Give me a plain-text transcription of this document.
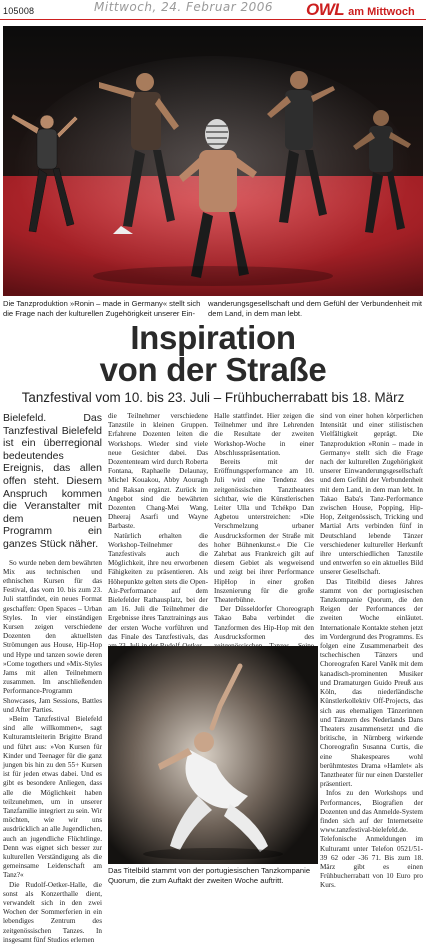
105008	Mittwoch, 24. Februar 2006 OWL am Mittwoch
Die Tanzproduktion »Ronin – made in Germany« stellt sich die Frage nach der kulturellen Zugehörigkeit unserer Ein-
wanderungsgesellschaft und dem Gefühl der Verbundenheit mit dem Land, in dem man lebt.
Inspiration
von der Straße
Tanzfestival vom 10. bis 23. Juli – Frühbucherrabatt bis 18. März

Bielefeld. Das Tanzfestival Bielefeld ist ein überregional bedeutendes Ereignis, das allen offen steht. Diesem Anspruch kommen die Veranstalter mit dem neuen Programm ein ganzes Stück näher.

So wurde neben dem bewährten Mix aus technischen und ethnischen Kursen für das Festival, das vom 10. bis zum 23. Juli stattfindet, ein neues Format geschaffen: Open Spaces – Urban Styles. In vier einständigen Kursen zeigen verschiedene Dozenten den aktuellsten Strömungen aus House, Hip-Hop und Hype und tanzen sowie deren »Come togethers und »Mix-Styles Jams mit allen Teilnehmern zusammen. Im anschließenden Performance-Programm Showcases, Jam Sessions, Battles und After Parties.

»Beim Tanzfestival Bielefeld sind alle willkommen«, sagt Kulturamtsleiterin Brigitte Brand und führt aus: »Von Kursen für Kinder und Teenager für die ganz jungen bis hin zu den 55+ Kursen ist für jeden etwas dabei. Und es gibt es besondere Anliegen, dass alle die Möglichkeit haben teilzunehmen, um in unserer Tanzfamilie integriert zu sein. Wir möchten, wie wir uns ausdrücklich an alle Jugendlichen, auch an jugendliche Flüchtlinge. Denn was eignet sich besser zur kulturellen Verständigung als die gemeinsame Leidenschaft am Tanz?«

Die Rudolf-Oetker-Halle, die sonst als Konzerthalle dient, verwandelt sich in den zwei Wochen der Sommerferien in ein lebendiges Zentrum des zeitgenössischen Tanzes. In insgesamt fünf Studios erlernen

die Teilnehmer verschiedene Tanzstile in kleinen Gruppen. Erfahrene Dozenten leiten die Workshops. Wieder sind viele neue Gesichter dabei. Das Dozententeam wird durch Roberta Fontana, Raphaelle Delaunay, Michel Kouakou, Abby Aouragh und Raksan ergänzt. Zurück im Angebot sind die bewährten Dozenten Chang-Mei Wang, Dheeraj Asarfi und Wayne Barbaste.

Natürlich erhalten die Workshop-Teilnehmer des Tanzfestivals auch die Möglichkeit, ihre neu erworbenen Fähigkeiten zu präsentieren. Als Höhepunkte gelten stets die Open-Air-Performance auf dem Bielefelder Rathausplatz, bei der am 16. Juli die Teilnehmer die Ergebnisse ihres Tanztrainings aus der ersten Woche vorführen und das Finale des Tanzfestivals, das

Halle stattfindet. Hier zeigen die Teilnehmer und ihre Lehrenden die Resultate der zweiten Workshop-Woche in einer Abschlusspräsentation.

Bereits mit der Eröffnungsperformance am 10. Juli wird eine Tendenz des zeitgenössischen Tanztheaters sichtbar, wie die Künstlerischen Leiter Ulla und Tchékpo Dan Agbetou unterstreichen: »Die Verschmelzung urbaner Ausdrucksformen der Straße mit hoher Bühnenkunst.« Die Cie Zahrbat aus Frankreich gilt auf diesem Gebiet als wegweisend und zeigt bei ihrer Performance HipHop in einer großen Inszenierung für die große Theaterbühne.

Der Düsseldorfer Choreograph Takao Baba verbindet die Tanzformen des Hip-Hop mit den Ausdrucksformen des

sind von einer hohen körperlichen Intensität und einer stilistischen Vielfältigkeit geprägt. Die Tanzproduktion »Ronin – made in Germany« stellt sich die Frage nach der kulturellen Zugehörigkeit unserer Einwanderungsgesellschaft und dem Gefühl der Verbundenheit mit dem Land, in dem man lebt. In Takao Baba's Tanz-Performance zwischen House, Popping, Hip-Hop, Zeitgenössisch, Tricking und Martial Arts verbinden fünf in Deutschland lebende Tänzer verschiedener kultureller Herkunft ihre unterschiedlichen Tanzstile und entwerfen so ein aktuelles Bild unserer Gesellschaft.

Das Titelbild dieses Jahres stammt von der portugiesischen Tanzkompanie Quorum, die den Reigen der Performances der zweiten Woche einläutet. Internationale Kontakte stehen jetzt im Vordergrund des Programms. Es folgen eine Zusammenarbeit des tschechischen Tänzers und Choreografen Karel Vaněk mit dem kanadisch-prominenten Musiker und Dramaturgen Guido Preuß aus Köln, das niederländische Künstlerkollektiv Off-Projects, das sich aus ehemaligen Tänzerinnen und Tänzern des Nederlands Dans Theaters zusammensetzt und die britische, in Nürnberg wirkende Choreografin Susanna Curtis, die eine Shakespeares wohl berühmtestes Drama »Hamlet« als Tanztheater für nur einen Darsteller präsentiert.

Infos zu den Workshops und Performances, Biografien der Dozenten und das Anmelde-System finden sich auf der Internetseite www.tanzfestival-bielefeld.de. Telefonische Anmeldungen im Kulturamt unter Telefon 0521/51-39 62 oder -36 71. Bis zum 18. März gibt es einen Frühbucherrabatt von 10 Euro pro Kurs.

Das Titelbild stammt von der portugiesischen Tanzkompanie Quorum, die zum Auftakt der zweiten Woche auftritt.
